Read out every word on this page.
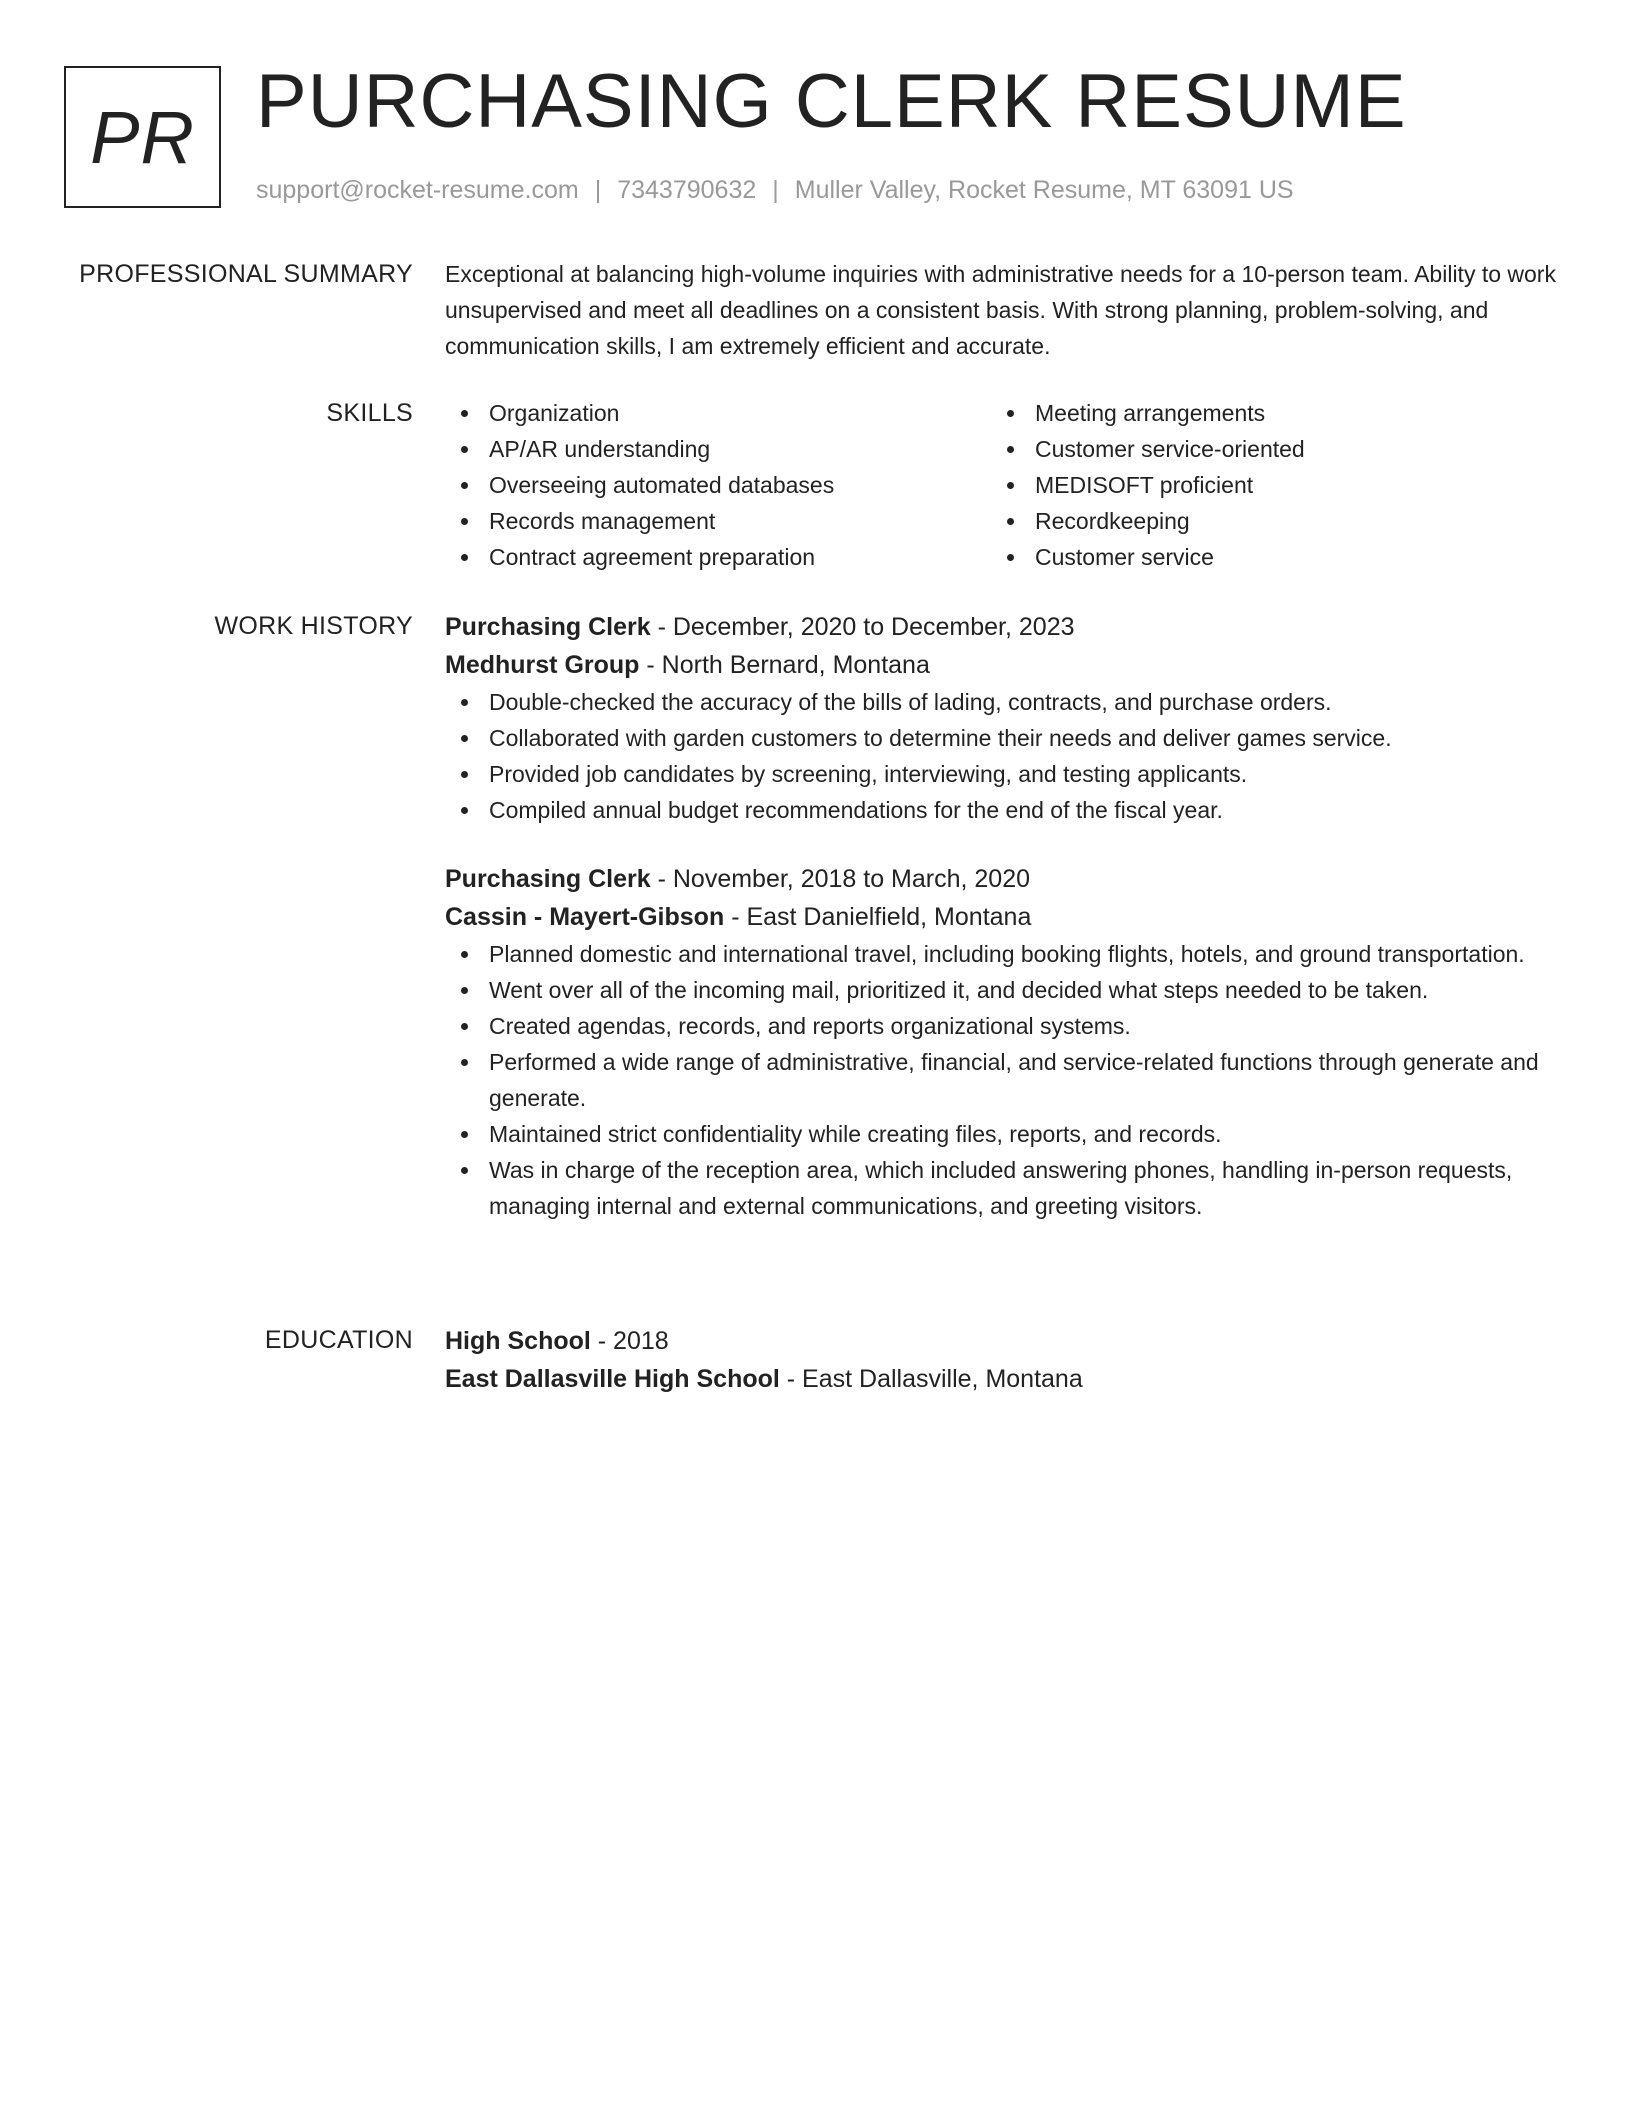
PR PURCHASING CLERK RESUME
support@rocket-resume.com | 7343790632 | Muller Valley, Rocket Resume, MT 63091 US
PROFESSIONAL SUMMARY Exceptional at balancing high-volume inquiries with administrative needs for a 10-person team. Ability to work unsupervised and meet all deadlines on a consistent basis. With strong planning, problem-solving, and communication skills, I am extremely efficient and accurate.

SKILLS	Organization
AP/AR understanding
Overseeing automated databases
Records management
Contract agreement preparation
Meeting arrangements
Customer service-oriented
MEDISOFT proficient
Recordkeeping
Customer service
WORK HISTORY Purchasing Clerk - December, 2020 to December, 2023
Medhurst Group - North Bernard, Montana
Double-checked the accuracy of the bills of lading, contracts, and purchase orders.
Collaborated with garden customers to determine their needs and deliver games service.
Provided job candidates by screening, interviewing, and testing applicants.
Compiled annual budget recommendations for the end of the fiscal year.
Purchasing Clerk - November, 2018 to March, 2020
Cassin - Mayert-Gibson - East Danielfield, Montana
Planned domestic and international travel, including booking flights, hotels, and ground transportation.
Went over all of the incoming mail, prioritized it, and decided what steps needed to be taken.
Created agendas, records, and reports organizational systems.
Performed a wide range of administrative, financial, and service-related functions through generate and generate.
Maintained strict confidentiality while creating files, reports, and records.
Was in charge of the reception area, which included answering phones, handling in-person requests, managing internal and external communications, and greeting visitors.
EDUCATION High School - 2018
East Dallasville High School - East Dallasville, Montana
